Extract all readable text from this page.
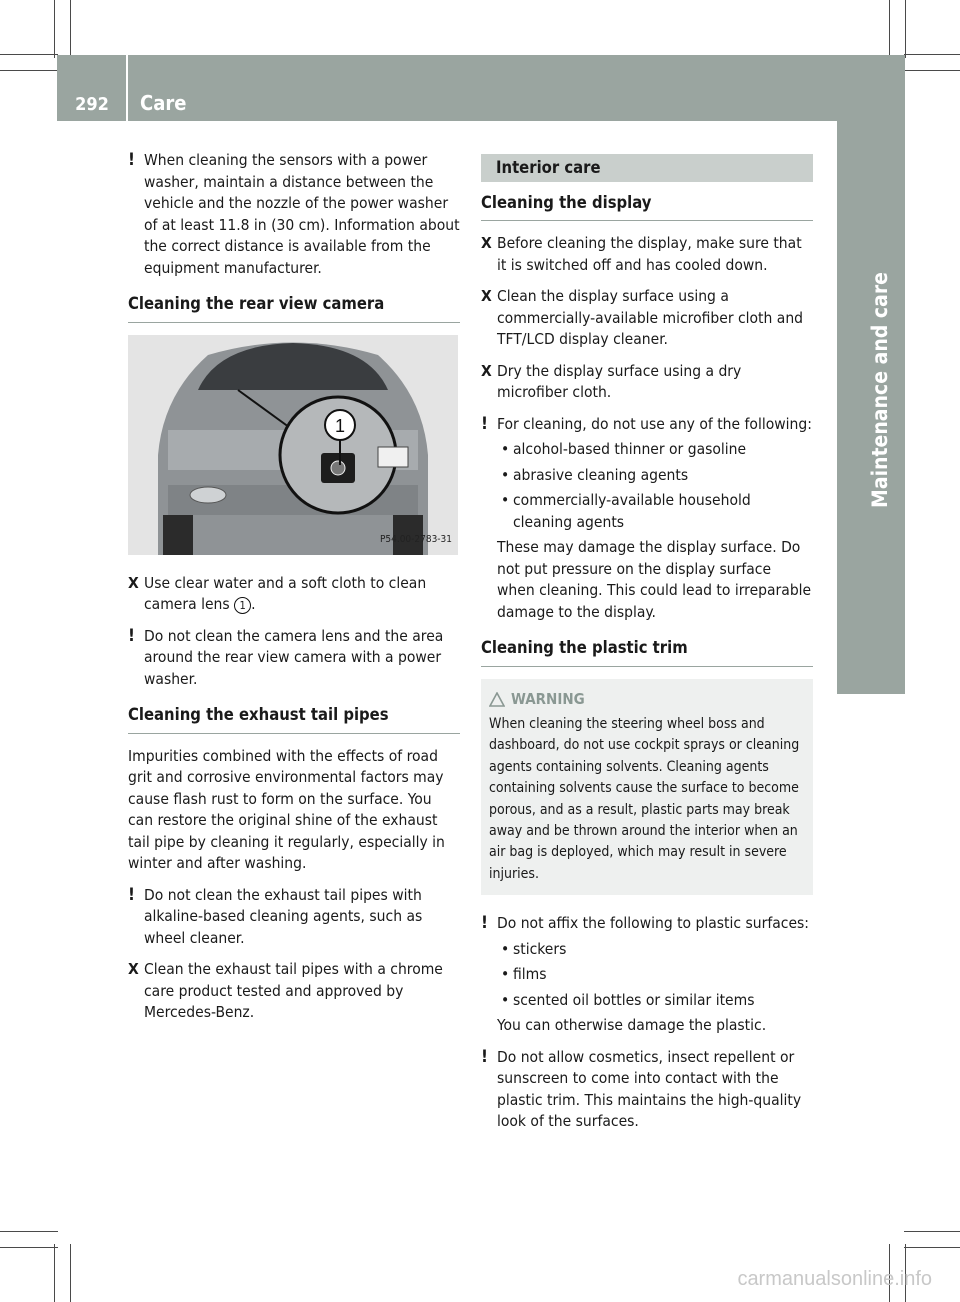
292	Care
Maintenance and care

! When cleaning the sensors with a power washer, maintain a distance between the vehicle and the nozzle of the power washer of at least 11.8 in (30 cm). Information about the correct distance is available from the equipment manufacturer.

Cleaning the rear view camera
1
P54.00-2783-31

X Use clear water and a soft cloth to clean camera lens 1 .

! Do not clean the camera lens and the area around the rear view camera with a power washer.

Cleaning the exhaust tail pipes

Impurities combined with the effects of road grit and corrosive environmental factors may cause flash rust to form on the surface. You can restore the original shine of the exhaust tail pipe by cleaning it regularly, especially in winter and after washing.

! Do not clean the exhaust tail pipes with alkaline-based cleaning agents, such as wheel cleaner.

X Clean the exhaust tail pipes with a chrome care product tested and approved by Mercedes-Benz.

Interior care
Cleaning the display

X Before cleaning the display, make sure that it is switched off and has cooled down.

X Clean the display surface using a commercially-available microfiber cloth and TFT/LCD display cleaner.

X Dry the display surface using a dry microfiber cloth.

! For cleaning, do not use any of the following:
• alcohol-based thinner or gasoline
• abrasive cleaning agents
• commercially-available household cleaning agents
These may damage the display surface. Do not put pressure on the display surface when cleaning. This could lead to irreparable damage to the display.
Cleaning the plastic trim
WARNING
When cleaning the steering wheel boss and dashboard, do not use cockpit sprays or cleaning agents containing solvents. Cleaning agents containing solvents cause the surface to become porous, and as a result, plastic parts may break away and be thrown around the interior when an air bag is deployed, which may result in severe injuries.
! Do not affix the following to plastic surfaces:
• stickers
• films
• scented oil bottles or similar items
You can otherwise damage the plastic.

! Do not allow cosmetics, insect repellent or sunscreen to come into contact with the plastic trim. This maintains the high-quality look of the surfaces.

carmanualsonline.info
